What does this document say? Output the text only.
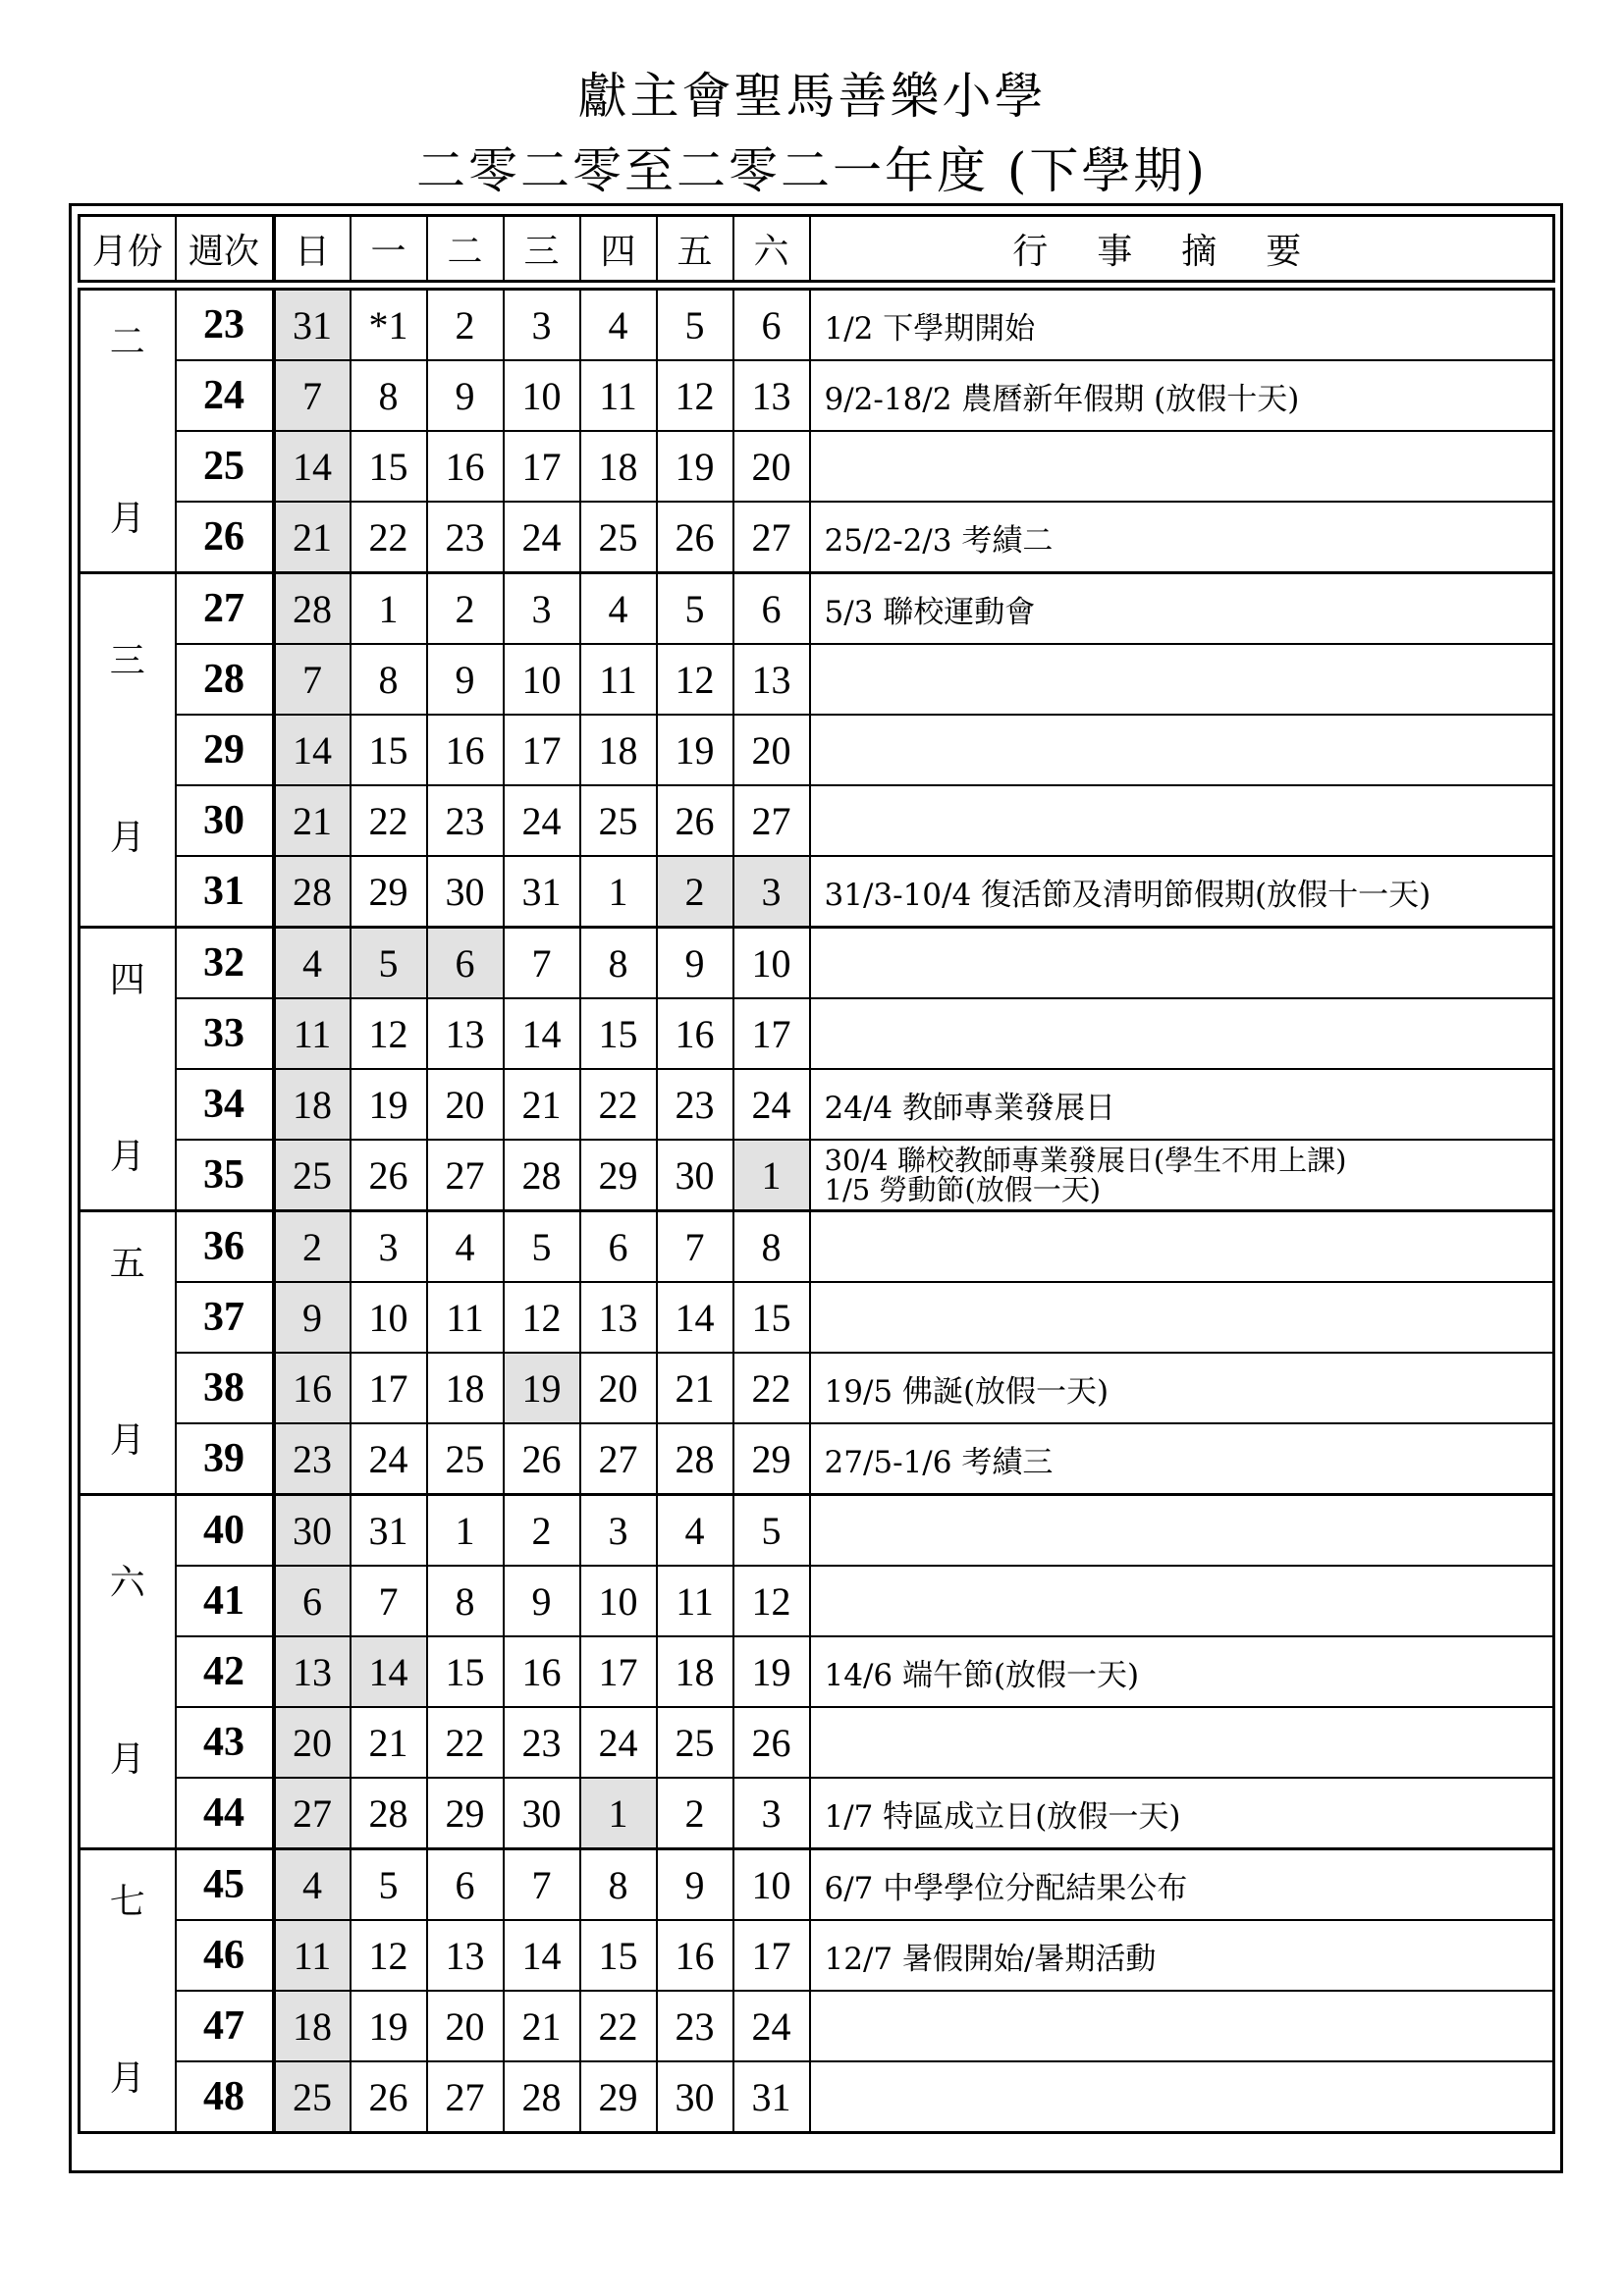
獻主會聖馬善樂小學
二零二零至二零二一年度 (下學期)
月份	週次	日	一	二	三	四	五	六	行事摘要
二

月	23	31	*1	2	3	4	5	6	1/2 下學期開始

	24	7	8	9	10	11	12	13	9/2-18/2 農曆新年假期 (放假十天)

	25	14	15	16	17	18	19	20	
	26	21	22	23	24	25	26	27	25/2-2/3 考績二

三

月	27	28	1	2	3	4	5	6	5/3 聯校運動會

	28	7	8	9	10	11	12	13	
	29	14	15	16	17	18	19	20	
	30	21	22	23	24	25	26	27	
	31	28	29	30	31	1	2	3	31/3-10/4 復活節及清明節假期(放假十一天)

四

月	32	4	5	6	7	8	9	10	
	33	11	12	13	14	15	16	17	
	34	18	19	20	21	22	23	24	24/4 教師專業發展日

	35	25	26	27	28	29	30	1	30/4 聯校教師專業發展日(學生不用上課)
1/5 勞動節(放假一天)

五

月	36	2	3	4	5	6	7	8	
	37	9	10	11	12	13	14	15	
	38	16	17	18	19	20	21	22	19/5 佛誕(放假一天)

	39	23	24	25	26	27	28	29	27/5-1/6 考績三

六

月	40	30	31	1	2	3	4	5	
	41	6	7	8	9	10	11	12	
	42	13	14	15	16	17	18	19	14/6 端午節(放假一天)

	43	20	21	22	23	24	25	26	
	44	27	28	29	30	1	2	3	1/7 特區成立日(放假一天)

七

月	45	4	5	6	7	8	9	10	6/7 中學學位分配結果公布

	46	11	12	13	14	15	16	17	12/7 暑假開始/暑期活動

	47	18	19	20	21	22	23	24	
	48	25	26	27	28	29	30	31	
